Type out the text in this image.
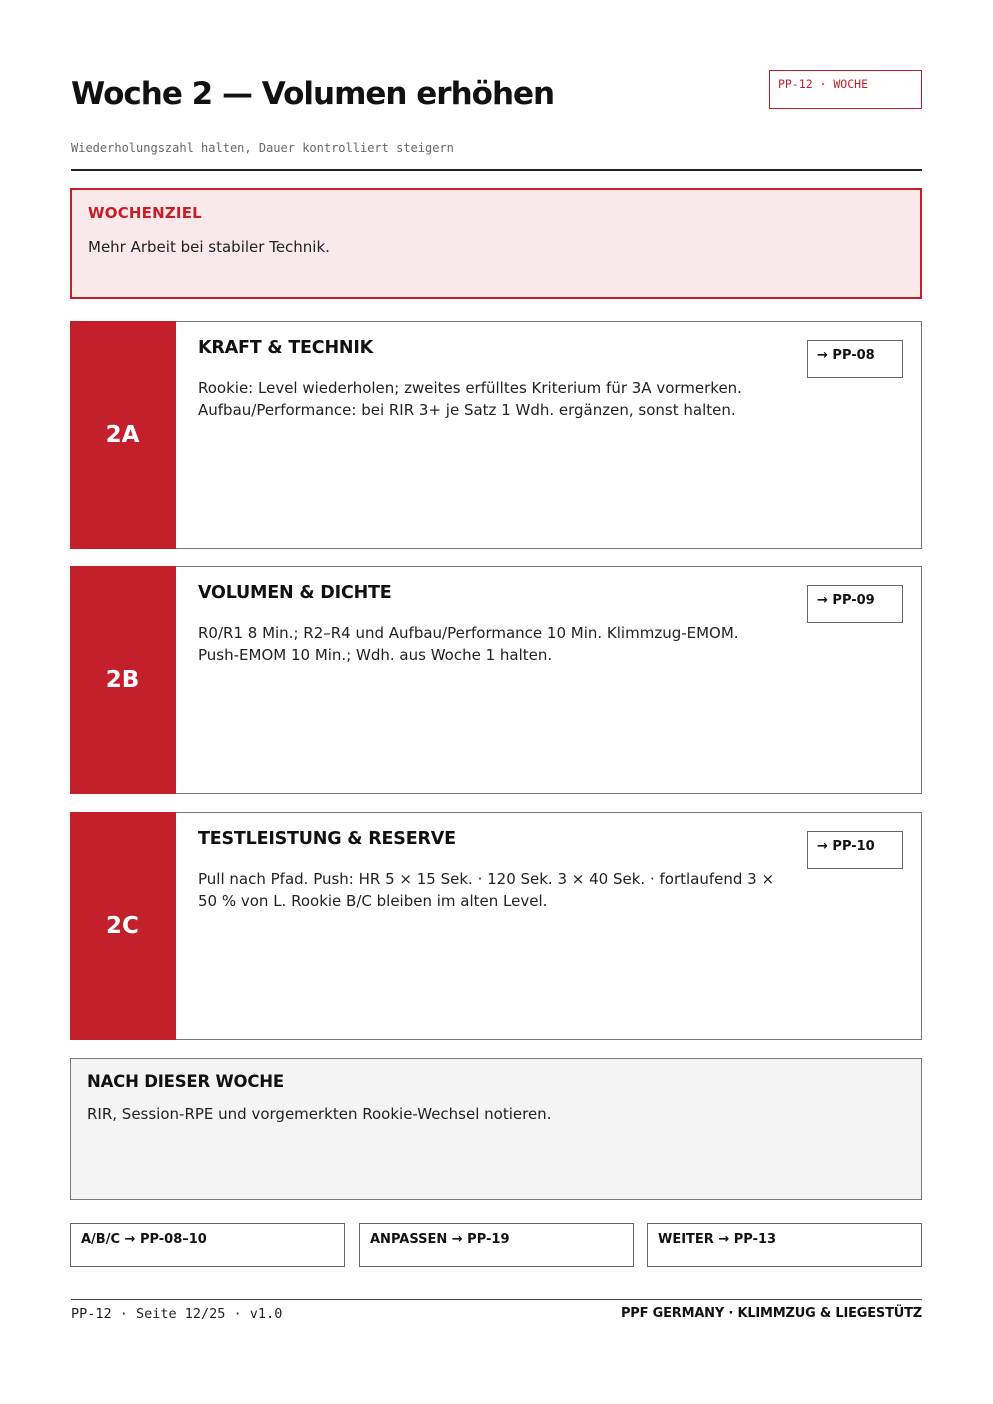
Woche 2 — Volumen erhöhen	PP-12 · WOCHE
Wiederholungszahl halten, Dauer kontrolliert steigern
WOCHENZIEL
Mehr Arbeit bei stabiler Technik.
2A
KRAFT & TECHNIK	→ PP-08
Rookie: Level wiederholen; zweites erfülltes Kriterium für 3A vormerken.
Aufbau/Performance: bei RIR 3+ je Satz 1 Wdh. ergänzen, sonst halten.
2B
VOLUMEN & DICHTE	→ PP-09
R0/R1 8 Min.; R2–R4 und Aufbau/Performance 10 Min. Klimmzug-EMOM.
Push-EMOM 10 Min.; Wdh. aus Woche 1 halten.
2C
TESTLEISTUNG & RESERVE	→ PP-10
Pull nach Pfad. Push: HR 5 × 15 Sek. · 120 Sek. 3 × 40 Sek. · fortlaufend 3 ×
50 % von L. Rookie B/C bleiben im alten Level.
NACH DIESER WOCHE
RIR, Session-RPE und vorgemerkten Rookie-Wechsel notieren.
A/B/C → PP-08–10	ANPASSEN → PP-19	WEITER → PP-13
PP-12 · Seite 12/25 · v1.0	PPF GERMANY · KLIMMZUG & LIEGESTÜTZ
